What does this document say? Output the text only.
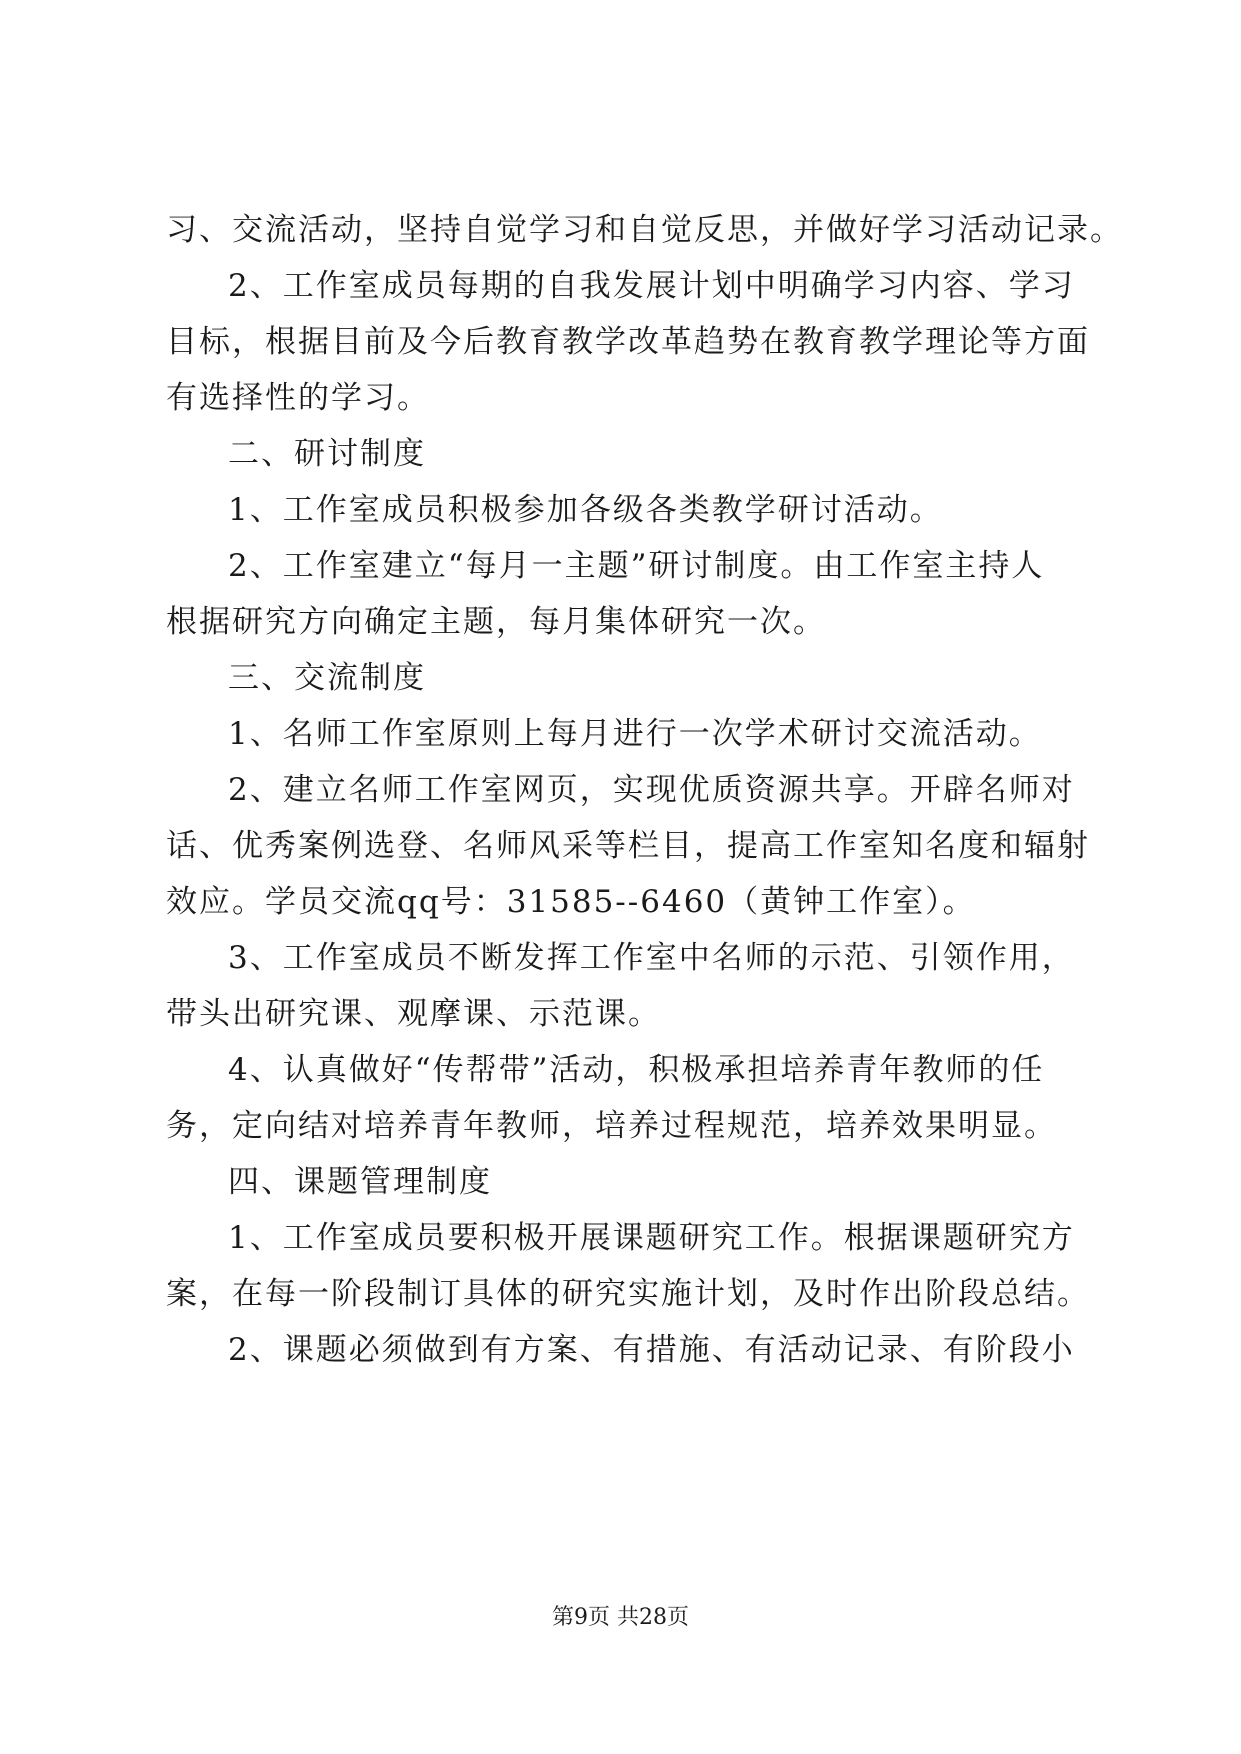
习、交流活动，坚持自觉学习和自觉反思，并做好学习活动记录。
2、工作室成员每期的自我发展计划中明确学习内容、学习
目标，根据目前及今后教育教学改革趋势在教育教学理论等方面
有选择性的学习。
二、研讨制度
1、工作室成员积极参加各级各类教学研讨活动。
2、工作室建立“每月一主题”研讨制度。由工作室主持人
根据研究方向确定主题，每月集体研究一次。
三、交流制度
1、名师工作室原则上每月进行一次学术研讨交流活动。
2、建立名师工作室网页，实现优质资源共享。开辟名师对
话、优秀案例选登、名师风采等栏目，提高工作室知名度和辐射
效应。学员交流qq号：31585--6460（黄钟工作室）。
3、工作室成员不断发挥工作室中名师的示范、引领作用，
带头出研究课、观摩课、示范课。
4、认真做好“传帮带”活动，积极承担培养青年教师的任
务，定向结对培养青年教师，培养过程规范，培养效果明显。
四、课题管理制度
1、工作室成员要积极开展课题研究工作。根据课题研究方
案，在每一阶段制订具体的研究实施计划，及时作出阶段总结。
2、课题必须做到有方案、有措施、有活动记录、有阶段小
第9页 共28页
